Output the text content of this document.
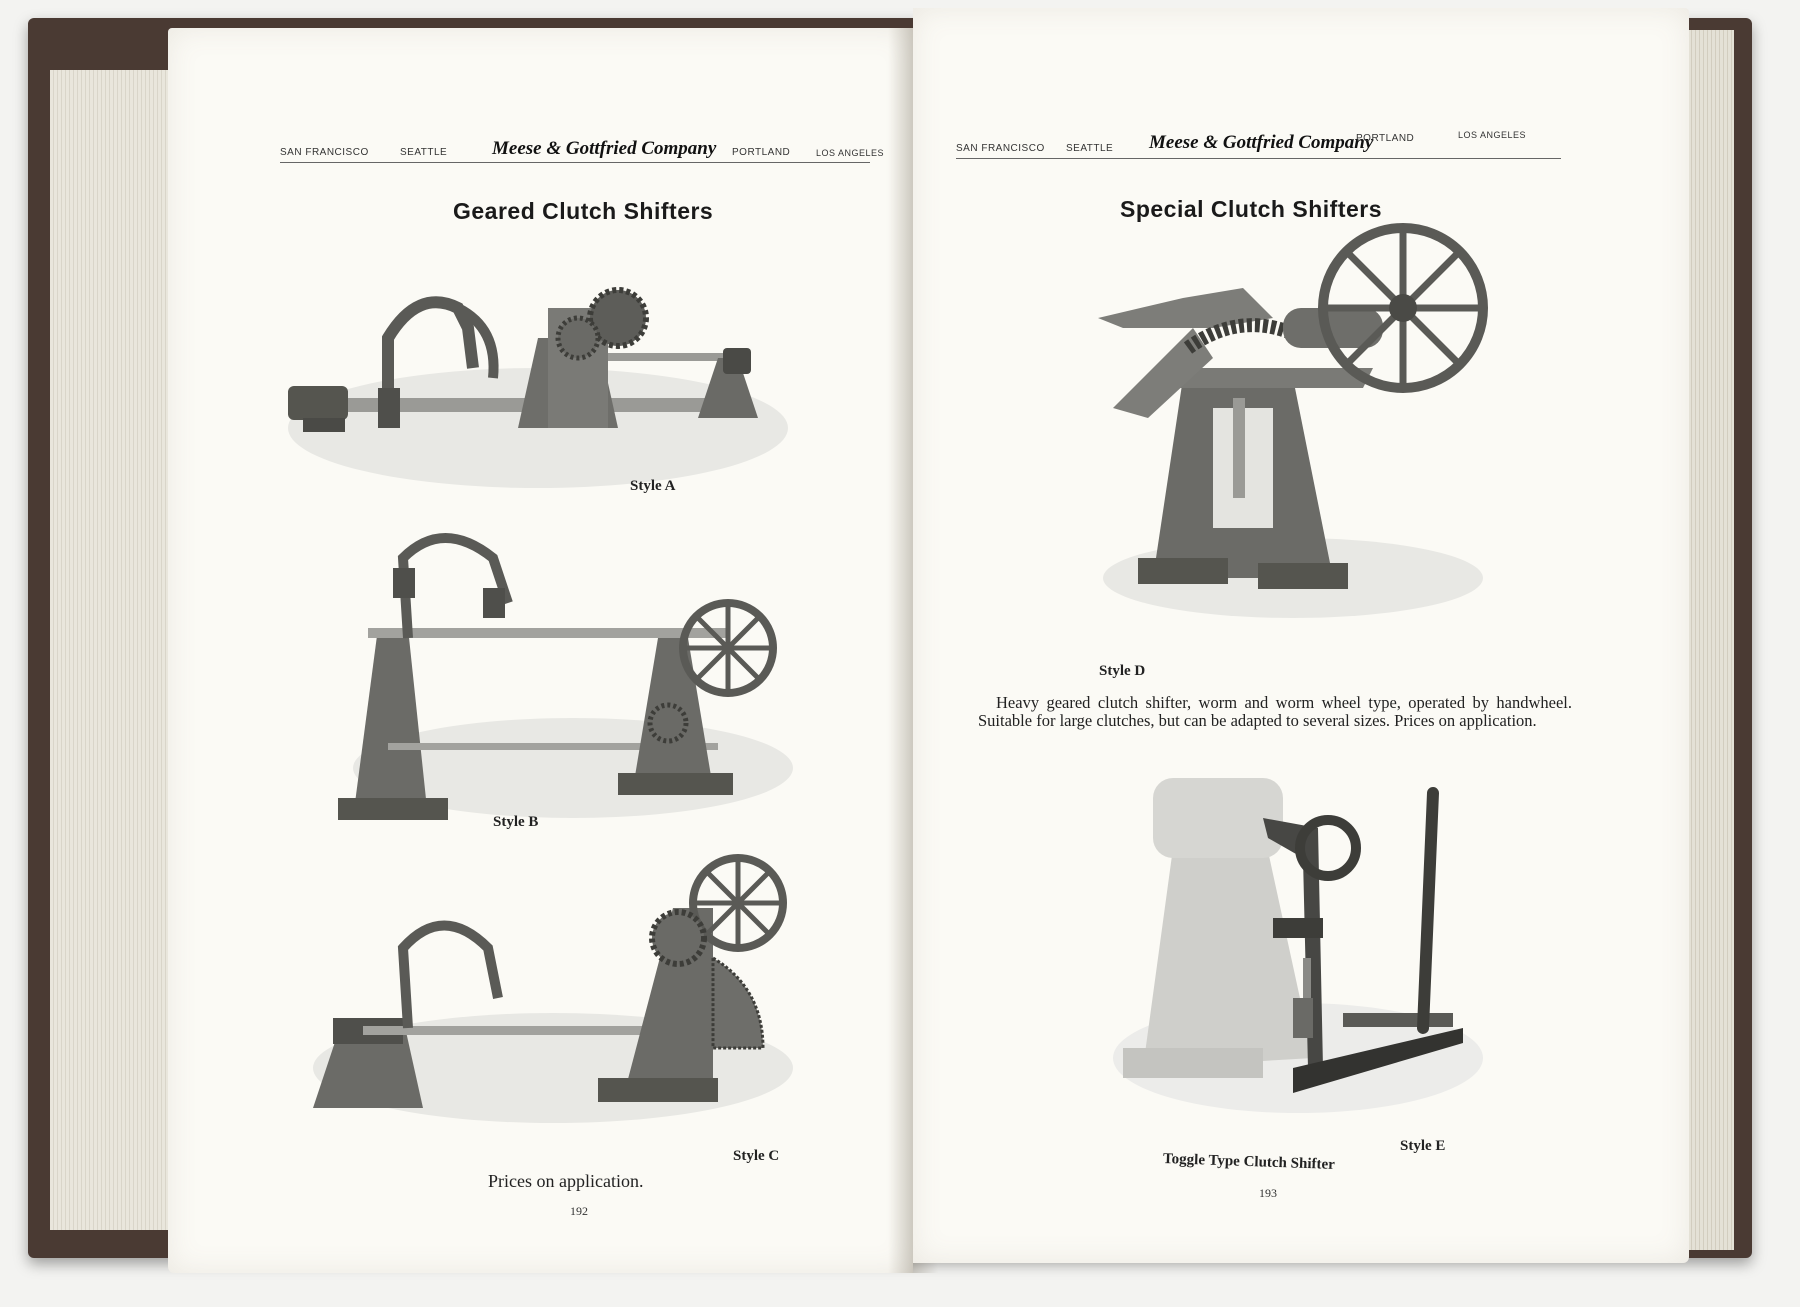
SAN FRANCISCO	SEATTLE Meese & Gottfried Company PORTLAND	LOS ANGELES
Geared Clutch Shifters
Style A
Style B
Style C
Prices on application.
192
SAN FRANCISCO SEATTLE Meese & Gottfried Company
PORTLAND	LOS ANGELES
Special Clutch Shifters
Style D
Heavy geared clutch shifter, worm and worm wheel type, operated by handwheel. Suitable for large clutches, but can be adapted to several sizes. Prices on application.
Style E
Toggle Type Clutch Shifter
193
